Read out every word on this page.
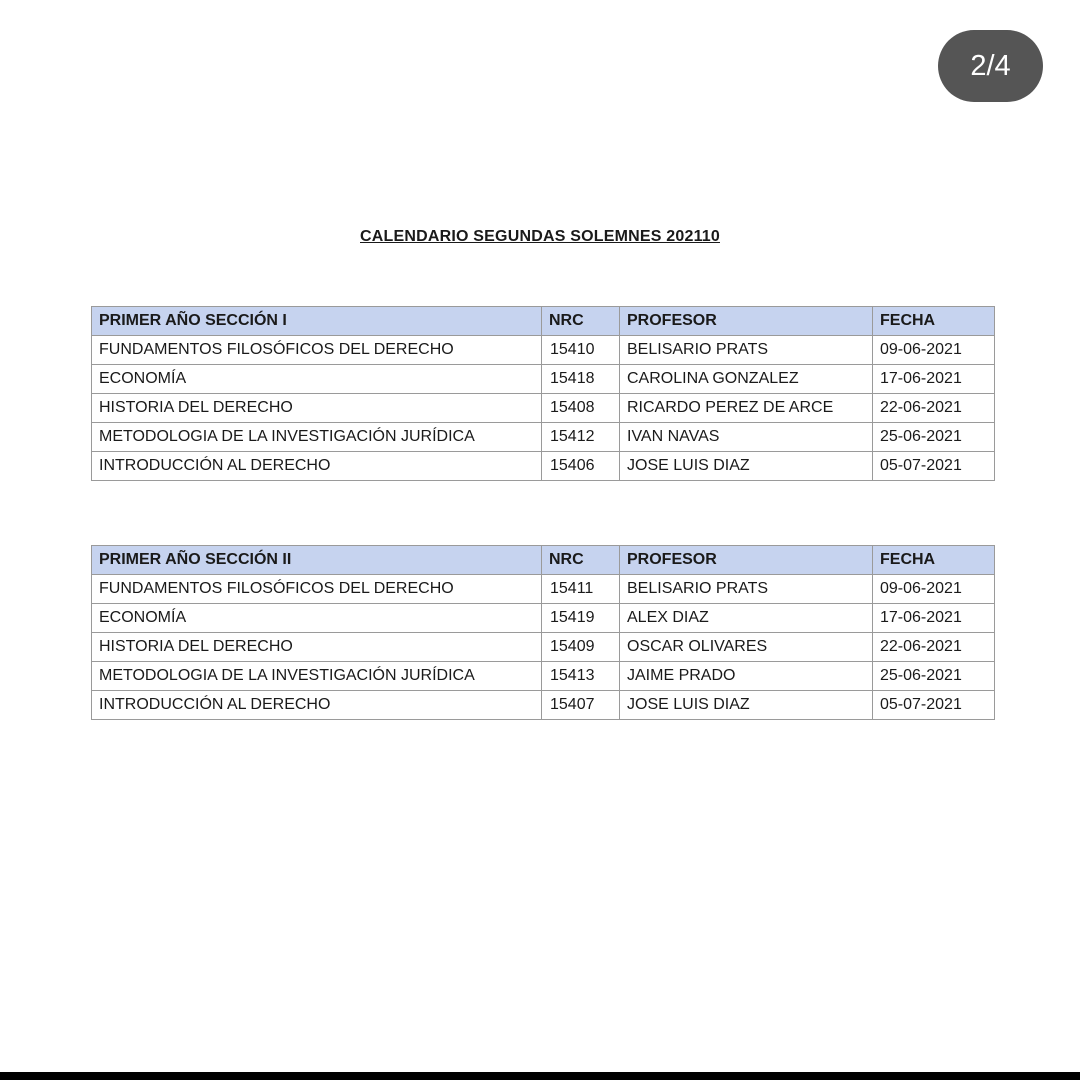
2/4
CALENDARIO SEGUNDAS SOLEMNES 202110
PRIMER AÑO SECCIÓN I	NRC	PROFESOR	FECHA
FUNDAMENTOS FILOSÓFICOS DEL DERECHO	15410	BELISARIO PRATS	09-06-2021
ECONOMÍA	15418	CAROLINA GONZALEZ	17-06-2021
HISTORIA DEL DERECHO	15408	RICARDO PEREZ DE ARCE	22-06-2021
METODOLOGIA DE LA INVESTIGACIÓN JURÍDICA	15412	IVAN NAVAS	25-06-2021
INTRODUCCIÓN AL DERECHO	15406	JOSE LUIS DIAZ	05-07-2021
PRIMER AÑO SECCIÓN II	NRC	PROFESOR	FECHA
FUNDAMENTOS FILOSÓFICOS DEL DERECHO	15411	BELISARIO PRATS	09-06-2021
ECONOMÍA	15419	ALEX DIAZ	17-06-2021
HISTORIA DEL DERECHO	15409	OSCAR OLIVARES	22-06-2021
METODOLOGIA DE LA INVESTIGACIÓN JURÍDICA	15413	JAIME PRADO	25-06-2021
INTRODUCCIÓN AL DERECHO	15407	JOSE LUIS DIAZ	05-07-2021
